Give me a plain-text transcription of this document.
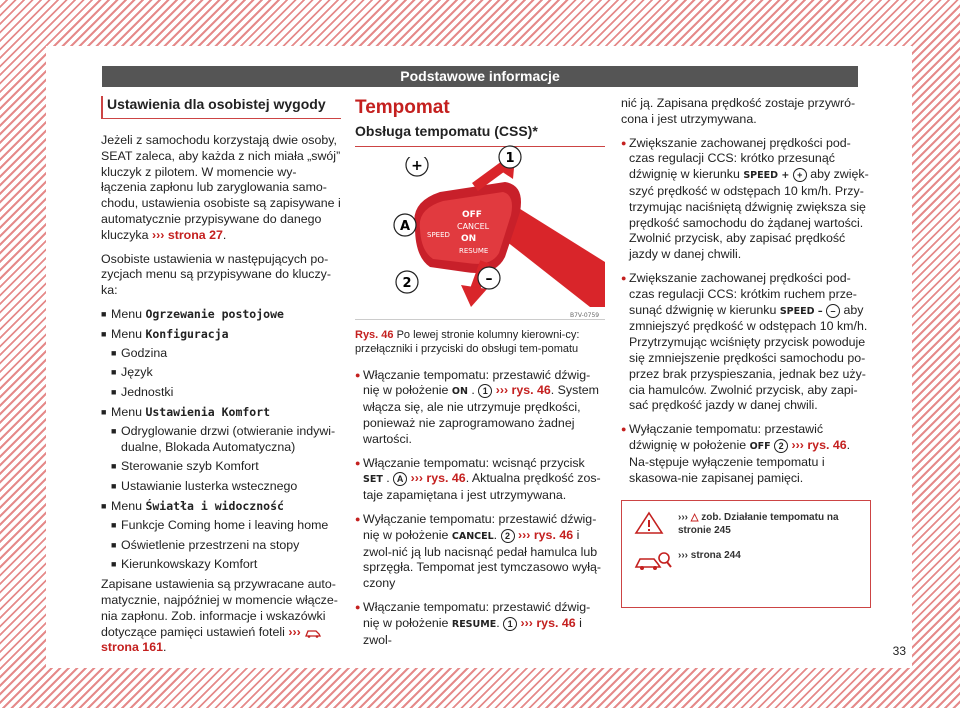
Podstawowe informacje
Ustawienia dla osobistej wygody

Jeżeli z samochodu korzystają dwie osoby, SEAT zaleca, aby każda z nich miała „swój” kluczyk z pilotem. W momencie wy-łączenia zapłonu lub zaryglowania samo-chodu, ustawienia osobiste są zapisywane i automatycznie przypisywane do danego kluczyka ››› strona 27.

Osobiste ustawienia w następujących po-zycjach menu są przypisywane do kluczy-ka:

■ Menu Ogrzewanie postojowe
■ Menu Konfiguracja
■ Godzina
■ Język
■ Jednostki
■ Menu Ustawienia Komfort
■ Odryglowanie drzwi (otwieranie indywi-dualne, Blokada Automatyczna)
■ Sterowanie szyb Komfort
■ Ustawianie lusterka wstecznego
■ Menu Światła i widoczność
■ Funkcje Coming home i leaving home
■ Oświetlenie przestrzeni na stopy
■ Kierunkowskazy Komfort

Zapisane ustawienia są przywracane auto-matycznie, najpóźniej w momencie włącze-nia zapłonu. Zob. informacje i wskazówki dotyczące pamięci ustawień foteli ›››  strona 161.

Tempomat
Obsługa tempomatu (CSS)*
SPEED
OFF
CANCEL
ON
RESUME
+
A
2	–
B7V-0759
1
Rys. 46 Po lewej stronie kolumny kierowni-cy: przełączniki i przyciski do obsługi tem-pomatu
● Włączanie tempomatu: przestawić dźwig-nię w położenie ON . 1 ››› rys. 46. System włącza się, ale nie utrzymuje prędkości, ponieważ nie zaprogramowano żadnej wartości.
● Włączanie tempomatu: wcisnąć przycisk SET . A ››› rys. 46. Aktualna prędkość zos-taje zapamiętana i jest utrzymywana.
● Wyłączanie tempomatu: przestawić dźwig-nię w położenie CANCEL. 2 ››› rys. 46 i zwol-nić ją lub nacisnąć pedał hamulca lub sprzęgła. Tempomat jest tymczasowo wyłą-czony
● Włączanie tempomatu: przestawić dźwig-nię w położenie RESUME. 1 ››› rys. 46 i zwol-

nić ją. Zapisana prędkość zostaje przywró-cona i jest utrzymywana.

● Zwiększanie zachowanej prędkości pod-czas regulacji CCS: krótko przesunąć dźwignię w kierunku SPEED + + aby zwięk-szyć prędkość w odstępach 10 km/h. Przy-trzymując naciśniętą dźwignię zwiększa się prędkość samochodu do żądanej wartości. Zwolnić przycisk, aby zapisać prędkość jazdy w danej chwili.
● Zwiększanie zachowanej prędkości pod-czas regulacji CCS: krótkim ruchem prze-sunąć dźwignię w kierunku SPEED – – aby zmniejszyć prędkość w odstępach 10 km/h. Przytrzymując wciśnięty przycisk powoduje się zmniejszenie prędkości samochodu po-przez brak przyspieszania, jednak bez uży-cia hamulców. Zwolnić przycisk, aby zapi-sać prędkość jazdy w danej chwili.
● Wyłączanie tempomatu: przestawić dźwignię w położenie OFF 2 ››› rys. 46. Na-stępuje wyłączenie tempomatu i skasowa-nie zapisanej pamięci.
››› △ zob. Działanie tempomatu na stronie 245
››› strona 244
33
